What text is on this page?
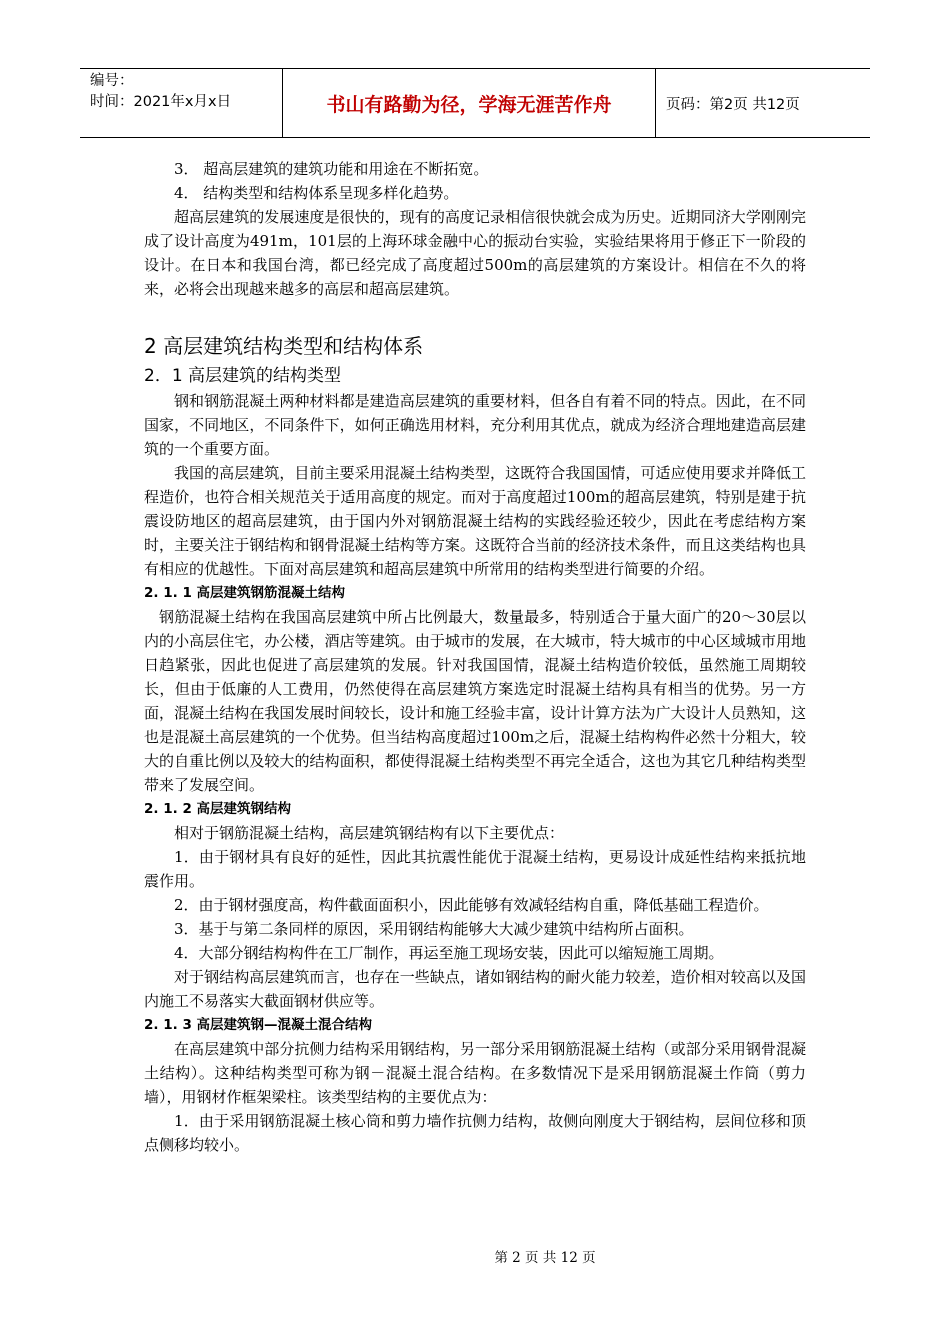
编号：
时间：2021年x月x日	书山有路勤为径，学海无涯苦作舟	页码：第2页 共12页

3． 超高层建筑的建筑功能和用途在不断拓宽。

4． 结构类型和结构体系呈现多样化趋势。

超高层建筑的发展速度是很快的，现有的高度记录相信很快就会成为历史。近期同济大学刚刚完成了设计高度为491m，101层的上海环球金融中心的振动台实验，实验结果将用于修正下一阶段的设计。在日本和我国台湾，都已经完成了高度超过500m的高层建筑的方案设计。相信在不久的将来，必将会出现越来越多的高层和超高层建筑。

2 高层建筑结构类型和结构体系
2．1 高层建筑的结构类型

钢和钢筋混凝土两种材料都是建造高层建筑的重要材料，但各自有着不同的特点。因此，在不同国家，不同地区，不同条件下，如何正确选用材料，充分利用其优点，就成为经济合理地建造高层建筑的一个重要方面。

我国的高层建筑，目前主要采用混凝土结构类型，这既符合我国国情，可适应使用要求并降低工程造价，也符合相关规范关于适用高度的规定。而对于高度超过100m的超高层建筑，特别是建于抗震设防地区的超高层建筑，由于国内外对钢筋混凝土结构的实践经验还较少，因此在考虑结构方案时，主要关注于钢结构和钢骨混凝土结构等方案。这既符合当前的经济技术条件，而且这类结构也具有相应的优越性。下面对高层建筑和超高层建筑中所常用的结构类型进行简要的介绍。

2. 1. 1 高层建筑钢筋混凝土结构

钢筋混凝土结构在我国高层建筑中所占比例最大，数量最多，特别适合于量大面广的20～30层以内的小高层住宅，办公楼，酒店等建筑。由于城市的发展，在大城市，特大城市的中心区域城市用地日趋紧张，因此也促进了高层建筑的发展。针对我国国情，混凝土结构造价较低，虽然施工周期较长，但由于低廉的人工费用，仍然使得在高层建筑方案选定时混凝土结构具有相当的优势。另一方面，混凝土结构在我国发展时间较长，设计和施工经验丰富，设计计算方法为广大设计人员熟知，这也是混凝土高层建筑的一个优势。但当结构高度超过100m之后，混凝土结构构件必然十分粗大，较大的自重比例以及较大的结构面积，都使得混凝土结构类型不再完全适合，这也为其它几种结构类型带来了发展空间。

2. 1. 2 高层建筑钢结构

相对于钢筋混凝土结构，高层建筑钢结构有以下主要优点：

1．由于钢材具有良好的延性，因此其抗震性能优于混凝土结构，更易设计成延性结构来抵抗地震作用。

2．由于钢材强度高，构件截面面积小，因此能够有效减轻结构自重，降低基础工程造价。

3．基于与第二条同样的原因，采用钢结构能够大大减少建筑中结构所占面积。

4．大部分钢结构构件在工厂制作，再运至施工现场安装，因此可以缩短施工周期。

对于钢结构高层建筑而言，也存在一些缺点，诸如钢结构的耐火能力较差，造价相对较高以及国内施工不易落实大截面钢材供应等。

2. 1. 3 高层建筑钢—混凝土混合结构

在高层建筑中部分抗侧力结构采用钢结构，另一部分采用钢筋混凝土结构（或部分采用钢骨混凝土结构）。这种结构类型可称为钢－混凝土混合结构。在多数情况下是采用钢筋混凝土作筒（剪力墙），用钢材作框架梁柱。该类型结构的主要优点为：

1．由于采用钢筋混凝土核心筒和剪力墙作抗侧力结构，故侧向刚度大于钢结构，层间位移和顶点侧移均较小。

第 2 页 共 12 页
